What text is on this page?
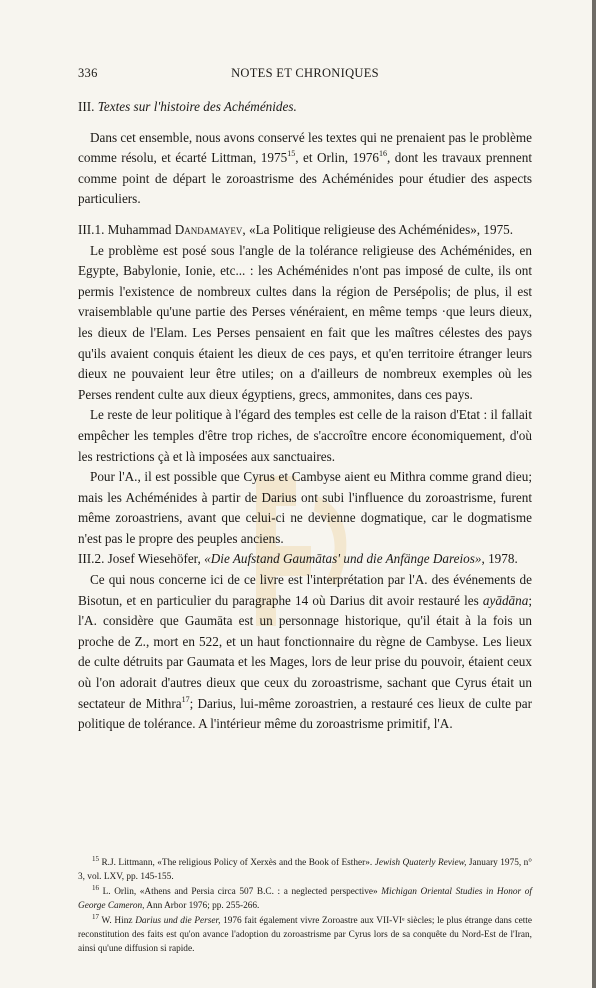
336	NOTES ET CHRONIQUES

III. Textes sur l'histoire des Achéménides.

Dans cet ensemble, nous avons conservé les textes qui ne prenaient pas le problème comme résolu, et écarté Littman, 1975$^{15}$, et Orlin, 1976$^{16}$, dont les travaux prennent comme point de départ le zoroastrisme des Achéménides pour étudier des aspects particuliers.

III.1. Muhammad Dandamayev, «La Politique religieuse des Achéménides», 1975.

Le problème est posé sous l'angle de la tolérance religieuse des Achéménides, en Egypte, Babylonie, Ionie, etc... : les Achéménides n'ont pas imposé de culte, ils ont permis l'existence de nombreux cultes dans la région de Persépolis; de plus, il est vraisemblable qu'une partie des Perses vénéraient, en même temps ·que leurs dieux, les dieux de l'Elam. Les Perses pensaient en fait que les maîtres célestes des pays qu'ils avaient conquis étaient les dieux de ces pays, et qu'en territoire étranger leurs dieux ne pouvaient leur être utiles; on a d'ailleurs de nombreux exemples où les Perses rendent culte aux dieux égyptiens, grecs, ammonites, dans ces pays.

Le reste de leur politique à l'égard des temples est celle de la raison d'Etat : il fallait empêcher les temples d'être trop riches, de s'accroître encore économiquement, d'où les restrictions çà et là imposées aux sanctuaires.

Pour l'A., il est possible que Cyrus et Cambyse aient eu Mithra comme grand dieu; mais les Achéménides à partir de Darius ont subi l'influence du zoroastrisme, furent même zoroastriens, avant que celui-ci ne devienne dogmatique, car le dogmatisme n'est pas le propre des peuples anciens.

III.2. Josef Wiesehöfer, «Die Aufstand Gaumātas' und die Anfänge Dareios», 1978.

Ce qui nous concerne ici de ce livre est l'interprétation par l'A. des événements de Bisotun, et en particulier du paragraphe 14 où Darius dit avoir restauré les ayādāna; l'A. considère que Gaumāta est un personnage historique, qu'il était à la fois un proche de Z., mort en 522, et un haut fonctionnaire du règne de Cambyse. Les lieux de culte détruits par Gaumata et les Mages, lors de leur prise du pouvoir, étaient ceux où l'on adorait d'autres dieux que ceux du zoroastrisme, sachant que Cyrus était un sectateur de Mithra$^{17}$; Darius, lui-même zoroastrien, a restauré ces lieux de culte par politique de tolérance. A l'intérieur même du zoroastrisme primitif, l'A.

$^{15}$ R.J. Littmann, «The religious Policy of Xerxès and the Book of Esther». Jewish Quaterly Review, January 1975, n° 3, vol. LXV, pp. 145-155.

$^{16}$ L. Orlin, «Athens and Persia circa 507 B.C. : a neglected perspective» Michigan Oriental Studies in Honor of George Cameron, Ann Arbor 1976; pp. 255-266.

$^{17}$ W. Hinz Darius und die Perser, 1976 fait également vivre Zoroastre aux VII-VIᵉ siècles; le plus étrange dans cette reconstitution des faits est qu'on avance l'adoption du zoroastrisme par Cyrus lors de sa conquête du Nord-Est de l'Iran, ainsi qu'une diffusion si rapide.
